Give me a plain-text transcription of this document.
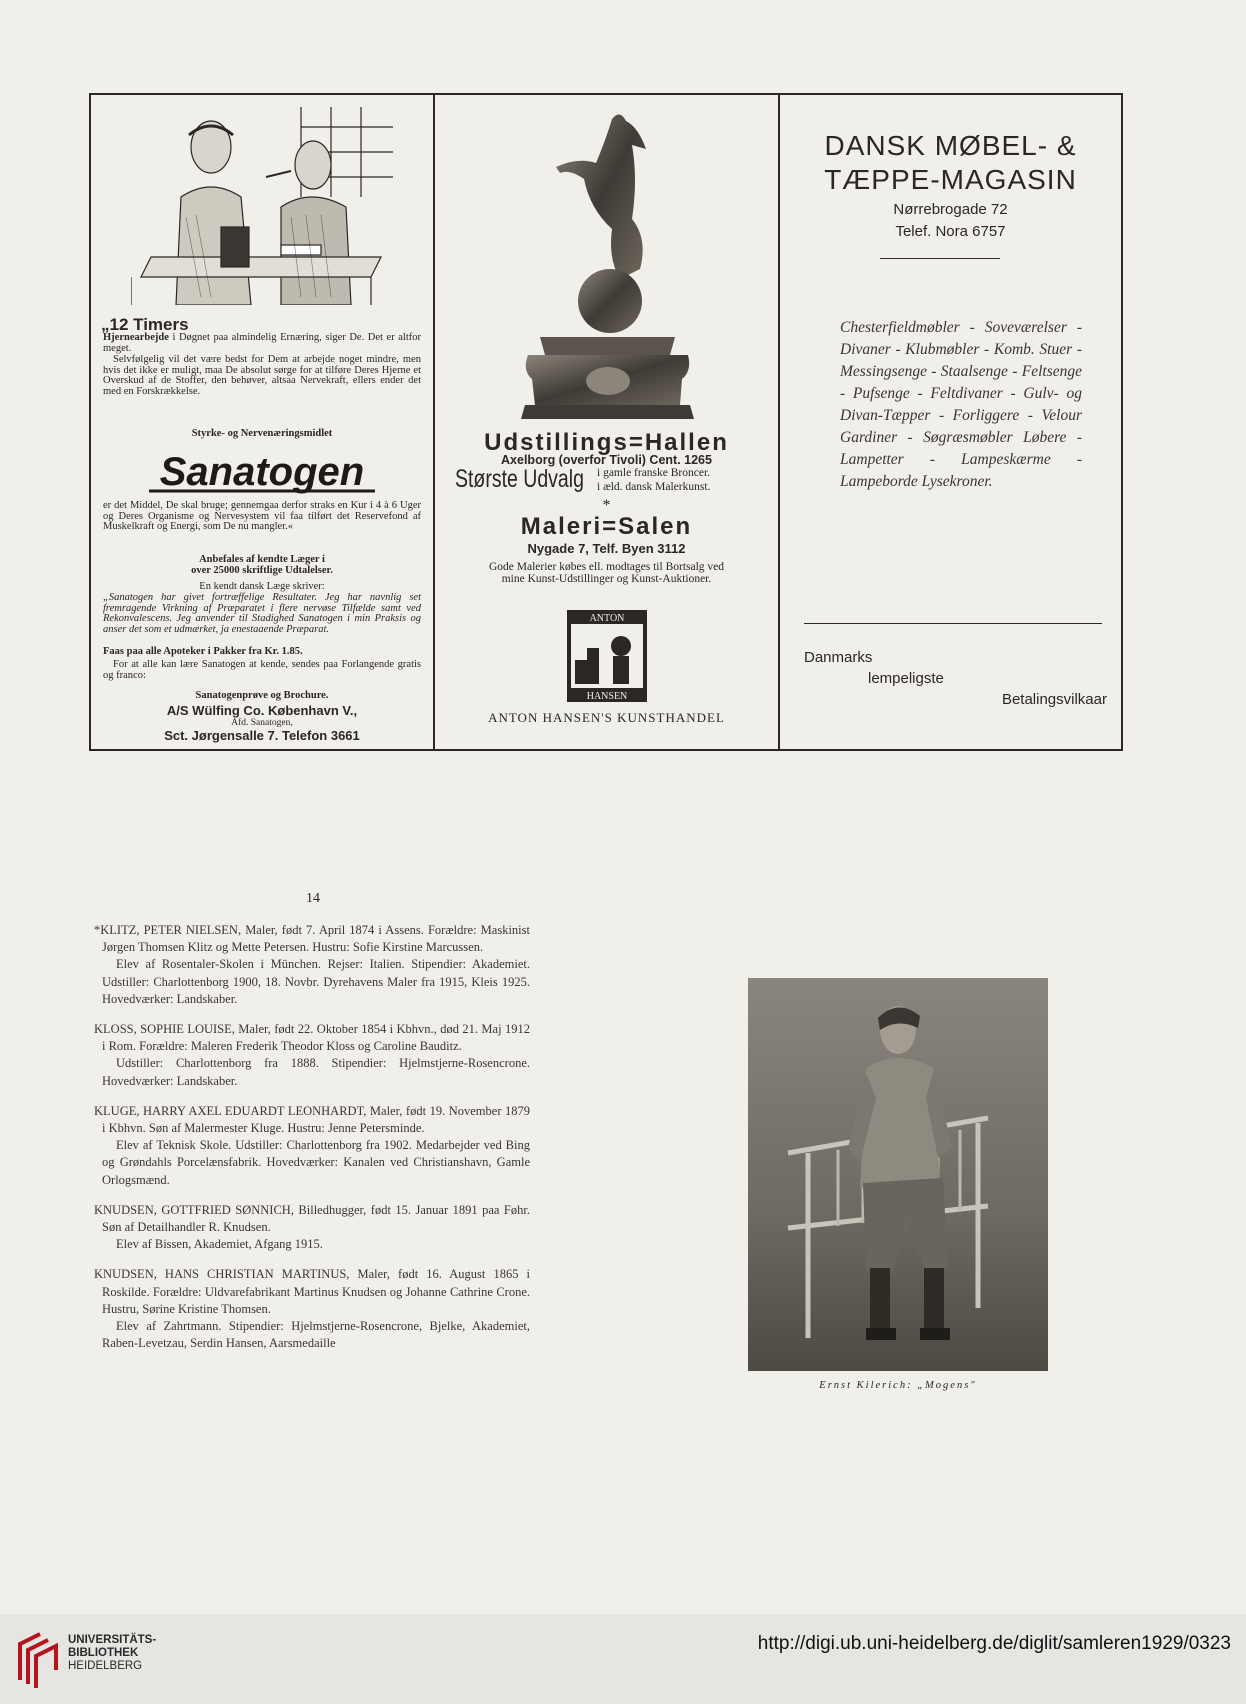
„12 Timers
Hjernearbejde i Døgnet paa almindelig Ernæring, siger De. Det er altfor meget.
Selvfølgelig vil det være bedst for Dem at arbejde noget mindre, men hvis det ikke er muligt, maa De absolut sørge for at tilføre Deres Hjerne et Overskud af de Stoffer, den behøver, altsaa Nervekraft, ellers ender det med en Forskrækkelse.
Styrke- og Nervenæringsmidlet
Sanatogen
er det Middel, De skal bruge; gennemgaa derfor straks en Kur i 4 à 6 Uger og Deres Organisme og Nervesystem vil faa tilført det Reservefond af Muskelkraft og Energi, som De nu mangler.«
Anbefales af kendte Læger i
over 25000 skriftlige Udtalelser.
En kendt dansk Læge skriver:
„Sanatogen har givet fortræffelige Resultater. Jeg har navnlig set fremragende Virkning af Præparatet i flere nervøse Tilfælde samt ved Rekonvalescens. Jeg anvender til Stadighed Sanatogen i min Praksis og anser det som et udmærket, ja enestaaende Præparat.
Faas paa alle Apoteker i Pakker fra Kr. 1.85.
For at alle kan lære Sanatogen at kende, sendes paa Forlangende gratis og franco:
Sanatogenprøve og Brochure.
A/S Wülfing Co. København V.,
Afd. Sanatogen,
Sct. Jørgensalle 7. Telefon 3661
Udstillings=Hallen
Axelborg (overfor Tivoli) Cent. 1265
Største Udvalg i gamle franske Broncer.
i æld. dansk Malerkunst.
*
Maleri=Salen
Nygade 7, Telf. Byen 3112
Gode Malerier købes ell. modtages til Bortsalg ved
mine Kunst-Udstillinger og Kunst-Auktioner.
ANTON
HANSEN
ANTON HANSEN'S KUNSTHANDEL
DANSK MØBEL- &
TÆPPE-MAGASIN
Nørrebrogade 72
Telef. Nora 6757
Chesterfieldmøbler - Soveværelser - Divaner - Klubmøbler - Komb. Stuer - Messingsenge - Staalsenge - Feltsenge - Pufsenge - Feltdivaner - Gulv- og Divan-Tæpper - Forliggere - Velour Gardiner - Søgræsmøbler Løbere - Lampetter - Lampeskærme - Lampeborde Lysekroner.
Danmarks
lempeligste
Betalingsvilkaar
14

*KLITZ, PETER NIELSEN, Maler, født 7. April 1874 i Assens. Forældre: Maskinist Jørgen Thomsen Klitz og Mette Petersen. Hustru: Sofie Kirstine Marcussen.

Elev af Rosentaler-Skolen i München. Rejser: Italien. Stipendier: Akademiet. Udstiller: Charlottenborg 1900, 18. Novbr. Dyrehavens Maler fra 1915, Kleis 1925. Hovedværker: Landskaber.

KLOSS, SOPHIE LOUISE, Maler, født 22. Oktober 1854 i Kbhvn., død 21. Maj 1912 i Rom. Forældre: Maleren Frederik Theodor Kloss og Caroline Bauditz.

Udstiller: Charlottenborg fra 1888. Stipendier: Hjelmstjerne-Rosencrone. Hovedværker: Landskaber.

KLUGE, HARRY AXEL EDUARDT LEONHARDT, Maler, født 19. November 1879 i Kbhvn. Søn af Malermester Kluge. Hustru: Jenne Petersminde.

Elev af Teknisk Skole. Udstiller: Charlottenborg fra 1902. Medarbejder ved Bing og Grøndahls Porcelænsfabrik. Hovedværker: Kanalen ved Christianshavn, Gamle Orlogsmænd.

KNUDSEN, GOTTFRIED SØNNICH, Billedhugger, født 15. Januar 1891 paa Føhr. Søn af Detailhandler R. Knudsen.

Elev af Bissen, Akademiet, Afgang 1915.

KNUDSEN, HANS CHRISTIAN MARTINUS, Maler, født 16. August 1865 i Roskilde. Forældre: Uldvarefabrikant Martinus Knudsen og Johanne Cathrine Crone. Hustru, Sørine Kristine Thomsen.

Elev af Zahrtmann. Stipendier: Hjelmstjerne-Rosencrone, Bjelke, Akademiet, Raben-Levetzau, Serdin Hansen, Aarsmedaille

Ernst Kilerich: „Mogens"
UNIVERSITÄTS-
BIBLIOTHEK
HEIDELBERG
http://digi.ub.uni-heidelberg.de/diglit/samleren1929/0323
